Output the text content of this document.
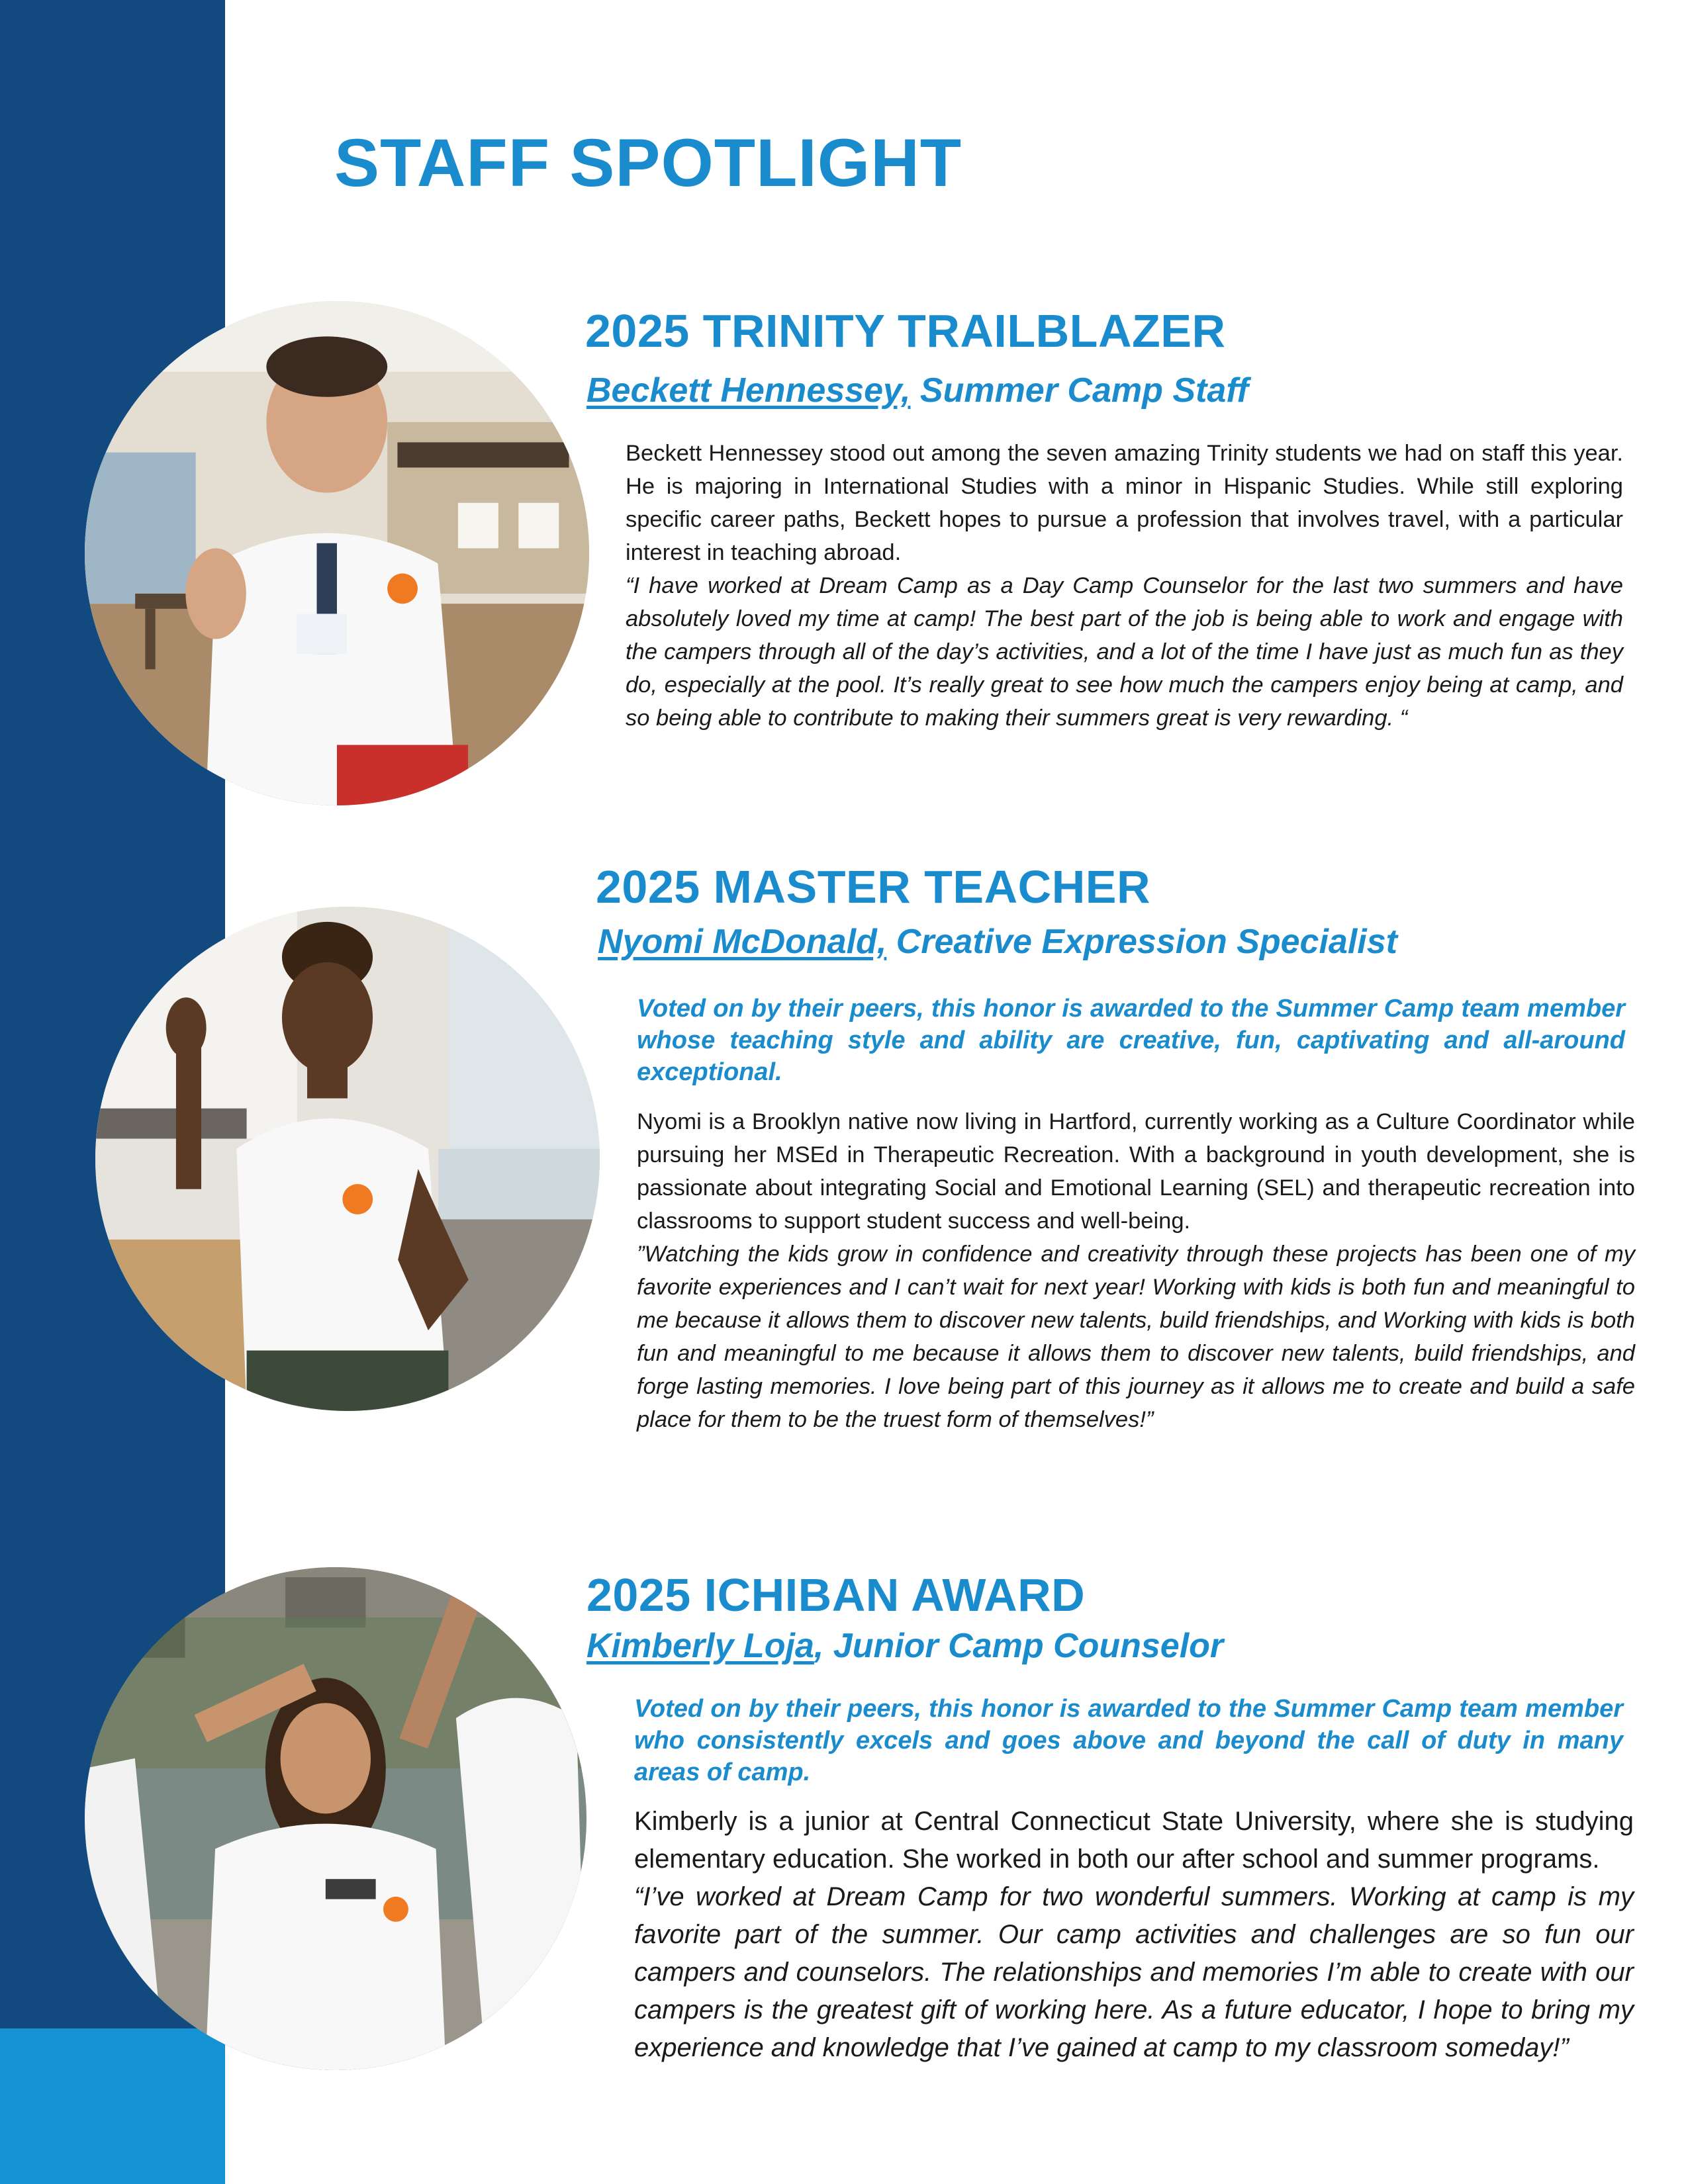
STAFF SPOTLIGHT
2025 TRINITY TRAILBLAZER

Beckett Hennessey, Summer Camp Staff

Beckett Hennessey stood out among the seven amazing Trinity students we had on staff this year. He is majoring in International Studies with a minor in Hispanic Studies. While still exploring specific career paths, Beckett hopes to pursue a profession that involves travel, with a particular interest in teaching abroad.
“I have worked at Dream Camp as a Day Camp Counselor for the last two summers and have absolutely loved my time at camp! The best part of the job is being able to work and engage with the campers through all of the day’s activities, and a lot of the time I have just as much fun as they do, especially at the pool. It’s really great to see how much the campers enjoy being at camp, and so being able to contribute to making their summers great is very rewarding. “

2025 MASTER TEACHER

Nyomi McDonald, Creative Expression Specialist

Voted on by their peers, this honor is awarded to the Summer Camp team member whose teaching style and ability are creative, fun, captivating and all-around exceptional.

Nyomi is a Brooklyn native now living in Hartford, currently working as a Culture Coordinator while pursuing her MSEd in Therapeutic Recreation. With a background in youth development, she is passionate about integrating Social and Emotional Learning (SEL) and therapeutic recreation into classrooms to support student success and well-being.
”Watching the kids grow in confidence and creativity through these projects has been one of my favorite experiences and I can’t wait for next year! Working with kids is both fun and meaningful to me because it allows them to discover new talents, build friendships, and Working with kids is both fun and meaningful to me because it allows them to discover new talents, build friendships, and forge lasting memories. I love being part of this journey as it allows me to create and build a safe place for them to be the truest form of themselves!”

2025 ICHIBAN AWARD

Kimberly Loja, Junior Camp Counselor

Voted on by their peers, this honor is awarded to the Summer Camp team member who consistently excels and goes above and beyond the call of duty in many areas of camp.

Kimberly is a junior at Central Connecticut State University, where she is studying elementary education. She worked in both our after school and summer programs.
“I’ve worked at Dream Camp for two wonderful summers. Working at camp is my favorite part of the summer. Our camp activities and challenges are so fun our campers and counselors. The relationships and memories I’m able to create with our campers is the greatest gift of working here. As a future educator, I hope to bring my experience and knowledge that I’ve gained at camp to my classroom someday!”
